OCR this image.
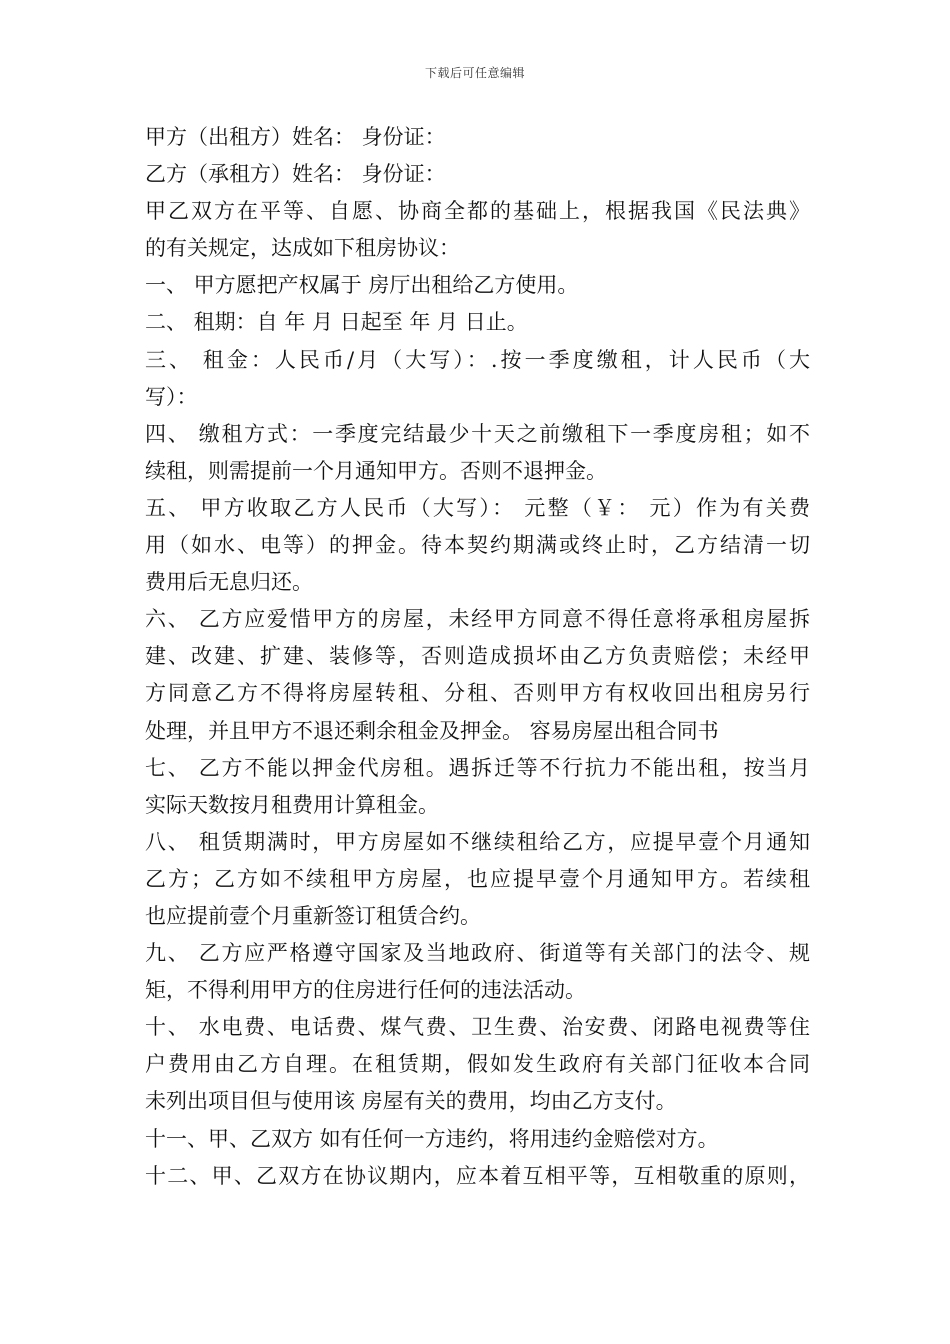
下载后可任意编辑
甲方（出租方）姓名： 身份证：
乙方（承租方）姓名： 身份证：
甲乙双方在平等、自愿、协商全都的基础上，根据我国《民法典》
的有关规定，达成如下租房协议：
一、 甲方愿把产权属于 房厅出租给乙方使用。
二、 租期：自 年 月 日起至 年 月 日止。
三、 租金：人民币/月（大写）：.按一季度缴租，计人民币（大
写）：
四、 缴租方式：一季度完结最少十天之前缴租下一季度房租；如不
续租，则需提前一个月通知甲方。否则不退押金。
五、 甲方收取乙方人民币（大写）： 元整（￥： 元）作为有关费
用（如水、电等）的押金。待本契约期满或终止时，乙方结清一切
费用后无息归还。
六、 乙方应爱惜甲方的房屋，未经甲方同意不得任意将承租房屋拆
建、改建、扩建、装修等，否则造成损坏由乙方负责赔偿；未经甲
方同意乙方不得将房屋转租、分租、否则甲方有权收回出租房另行
处理，并且甲方不退还剩余租金及押金。 容易房屋出租合同书
七、 乙方不能以押金代房租。遇拆迁等不行抗力不能出租，按当月
实际天数按月租费用计算租金。
八、 租赁期满时，甲方房屋如不继续租给乙方，应提早壹个月通知
乙方；乙方如不续租甲方房屋，也应提早壹个月通知甲方。若续租
也应提前壹个月重新签订租赁合约。
九、 乙方应严格遵守国家及当地政府、街道等有关部门的法令、规
矩，不得利用甲方的住房进行任何的违法活动。
十、 水电费、电话费、煤气费、卫生费、治安费、闭路电视费等住
户费用由乙方自理。在租赁期，假如发生政府有关部门征收本合同
未列出项目但与使用该 房屋有关的费用，均由乙方支付。
十一、甲、乙双方 如有任何一方违约，将用违约金赔偿对方。
十二、甲、乙双方在协议期内，应本着互相平等，互相敬重的原则，
